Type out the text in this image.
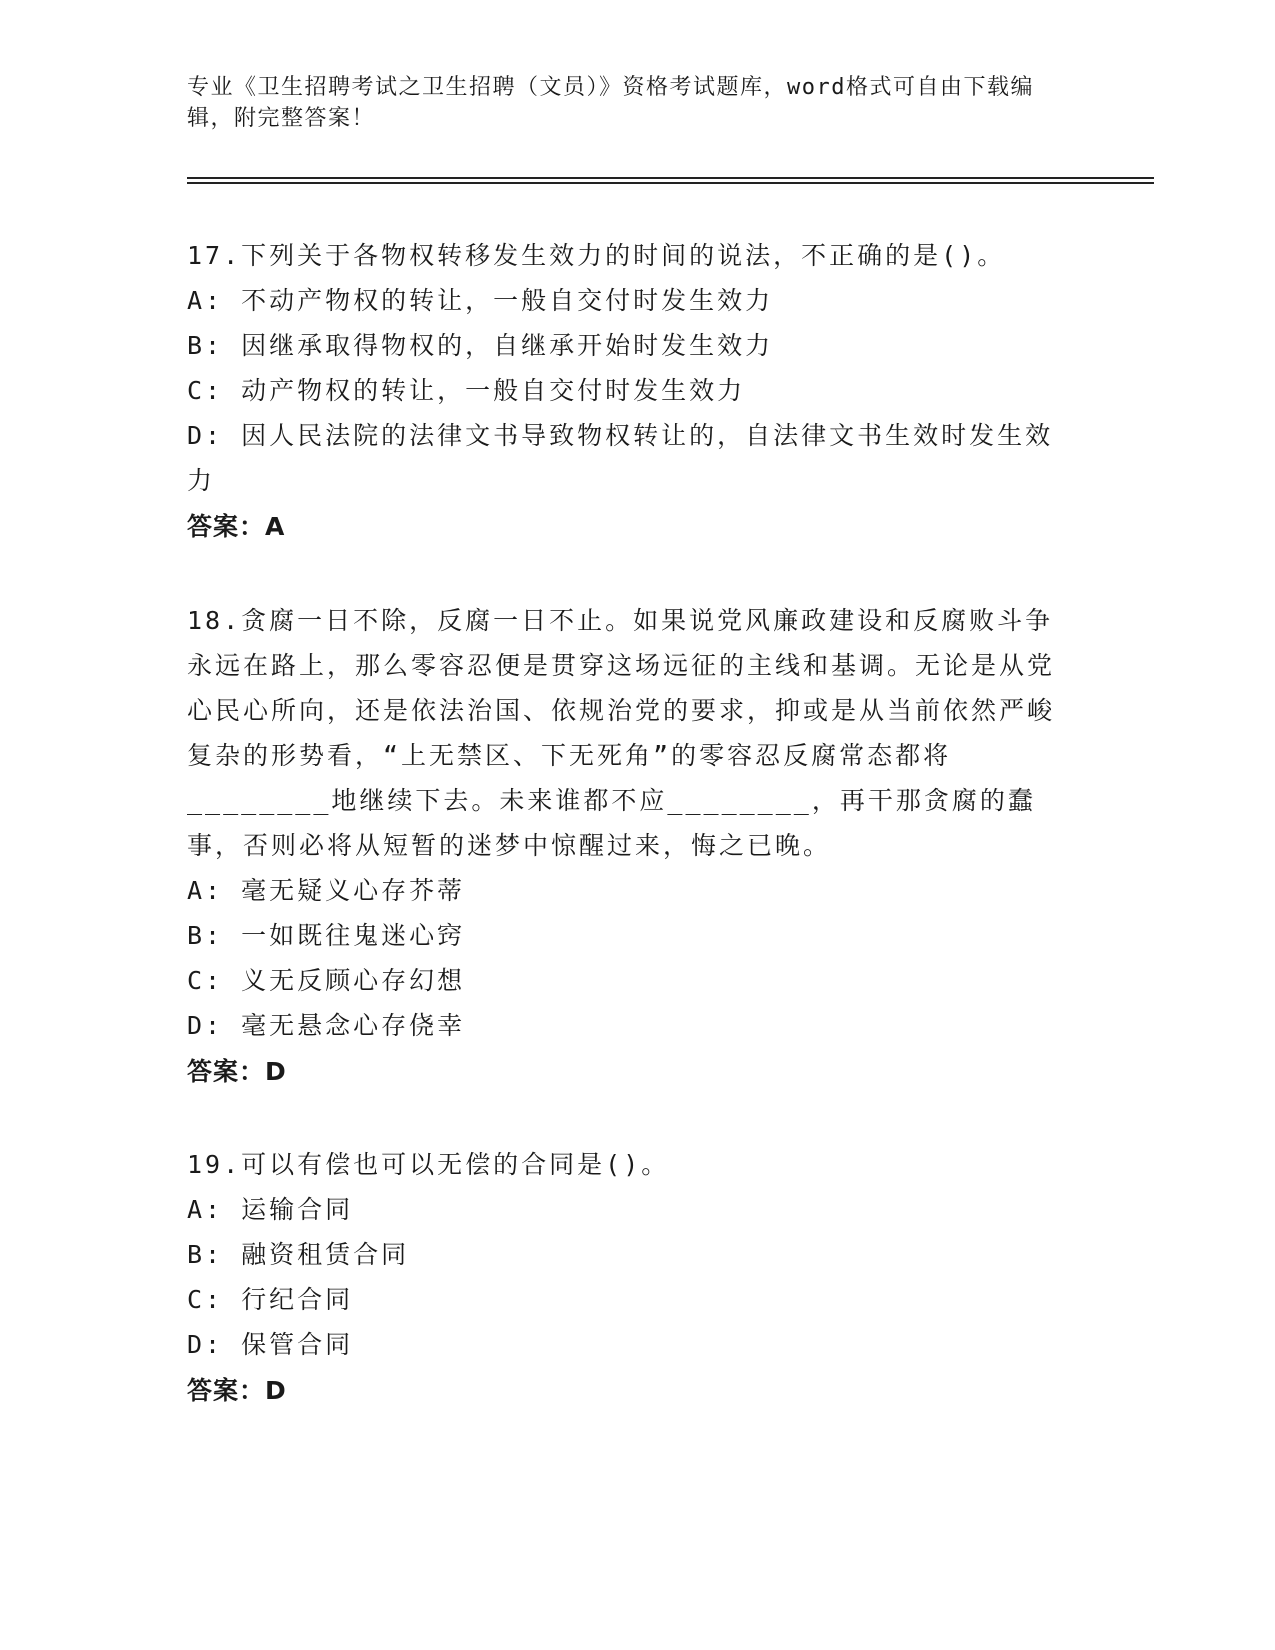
专业《卫生招聘考试之卫生招聘（文员）》资格考试题库，word格式可自由下载编辑，附完整答案！
17.下列关于各物权转移发生效力的时间的说法，不正确的是()。
A: 不动产物权的转让，一般自交付时发生效力
B: 因继承取得物权的，自继承开始时发生效力
C: 动产物权的转让，一般自交付时发生效力
D: 因人民法院的法律文书导致物权转让的，自法律文书生效时发生效力
答案：A
18.贪腐一日不除，反腐一日不止。如果说党风廉政建设和反腐败斗争永远在路上，那么零容忍便是贯穿这场远征的主线和基调。无论是从党心民心所向，还是依法治国、依规治党的要求，抑或是从当前依然严峻复杂的形势看，“上无禁区、下无死角”的零容忍反腐常态都将________地继续下去。未来谁都不应________，再干那贪腐的蠢事，否则必将从短暂的迷梦中惊醒过来，悔之已晚。
A: 毫无疑义心存芥蒂
B: 一如既往鬼迷心窍
C: 义无反顾心存幻想
D: 毫无悬念心存侥幸
答案：D
19.可以有偿也可以无偿的合同是()。
A: 运输合同
B: 融资租赁合同
C: 行纪合同
D: 保管合同
答案：D
